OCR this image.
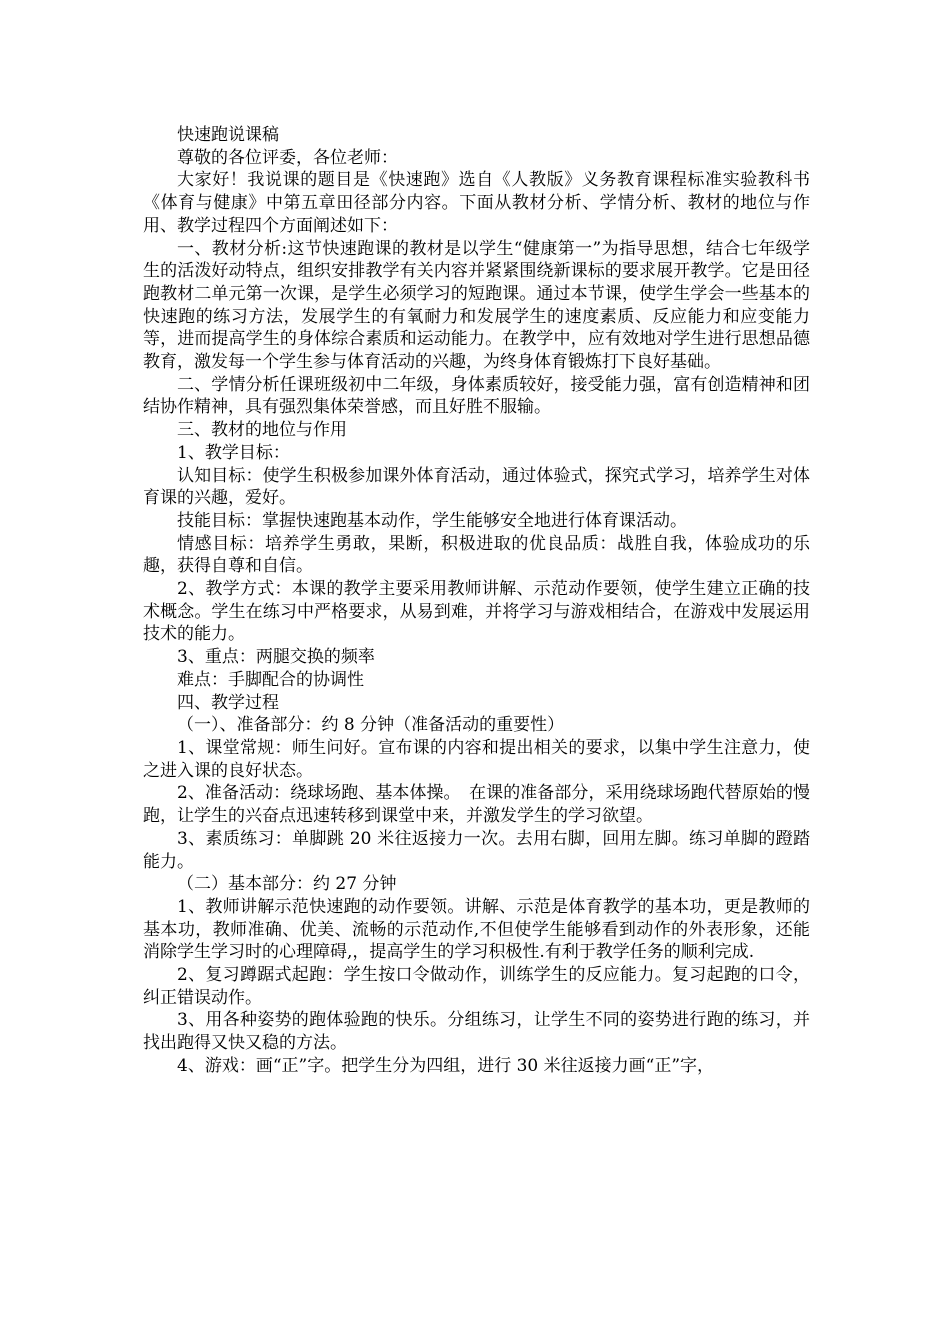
快速跑说课稿

尊敬的各位评委，各位老师：

大家好！我说课的题目是《快速跑》选自《人教版》义务教育课程标准实验教科书《体育与健康》中第五章田径部分内容。下面从教材分析、学情分析、教材的地位与作用、教学过程四个方面阐述如下：

一、教材分析:这节快速跑课的教材是以学生“健康第一”为指导思想，结合七年级学生的活泼好动特点，组织安排教学有关内容并紧紧围绕新课标的要求展开教学。它是田径跑教材二单元第一次课，是学生必须学习的短跑课。通过本节课，使学生学会一些基本的快速跑的练习方法，发展学生的有氧耐力和发展学生的速度素质、反应能力和应变能力等，进而提高学生的身体综合素质和运动能力。在教学中，应有效地对学生进行思想品德教育，激发每一个学生参与体育活动的兴趣，为终身体育锻炼打下良好基础。

二、学情分析任课班级初中二年级，身体素质较好，接受能力强，富有创造精神和团结协作精神，具有强烈集体荣誉感，而且好胜不服输。

三、教材的地位与作用

1、教学目标：

认知目标：使学生积极参加课外体育活动，通过体验式，探究式学习，培养学生对体育课的兴趣，爱好。

技能目标：掌握快速跑基本动作，学生能够安全地进行体育课活动。

情感目标：培养学生勇敢，果断，积极进取的优良品质：战胜自我，体验成功的乐趣，获得自尊和自信。

2、教学方式：本课的教学主要采用教师讲解、示范动作要领，使学生建立正确的技术概念。学生在练习中严格要求，从易到难，并将学习与游戏相结合，在游戏中发展运用技术的能力。

3、重点：两腿交换的频率

难点：手脚配合的协调性

四、教学过程

（一）、准备部分：约 8 分钟（准备活动的重要性）

1、课堂常规：师生问好。宣布课的内容和提出相关的要求，以集中学生注意力，使之进入课的良好状态。

2、准备活动：绕球场跑、基本体操。　在课的准备部分，采用绕球场跑代替原始的慢跑，让学生的兴奋点迅速转移到课堂中来，并激发学生的学习欲望。

3、素质练习：单脚跳 20 米往返接力一次。去用右脚，回用左脚。练习单脚的蹬踏能力。

（二）基本部分：约 27 分钟

1、教师讲解示范快速跑的动作要领。讲解、示范是体育教学的基本功，更是教师的基本功，教师准确、优美、流畅的示范动作,不但使学生能够看到动作的外表形象，还能消除学生学习时的心理障碍,，提高学生的学习积极性.有利于教学任务的顺利完成.

2、复习蹲踞式起跑：学生按口令做动作，训练学生的反应能力。复习起跑的口令，纠正错误动作。

3、用各种姿势的跑体验跑的快乐。分组练习，让学生不同的姿势进行跑的练习，并找出跑得又快又稳的方法。

4、游戏：画“正”字。把学生分为四组，进行 30 米往返接力画“正”字，
